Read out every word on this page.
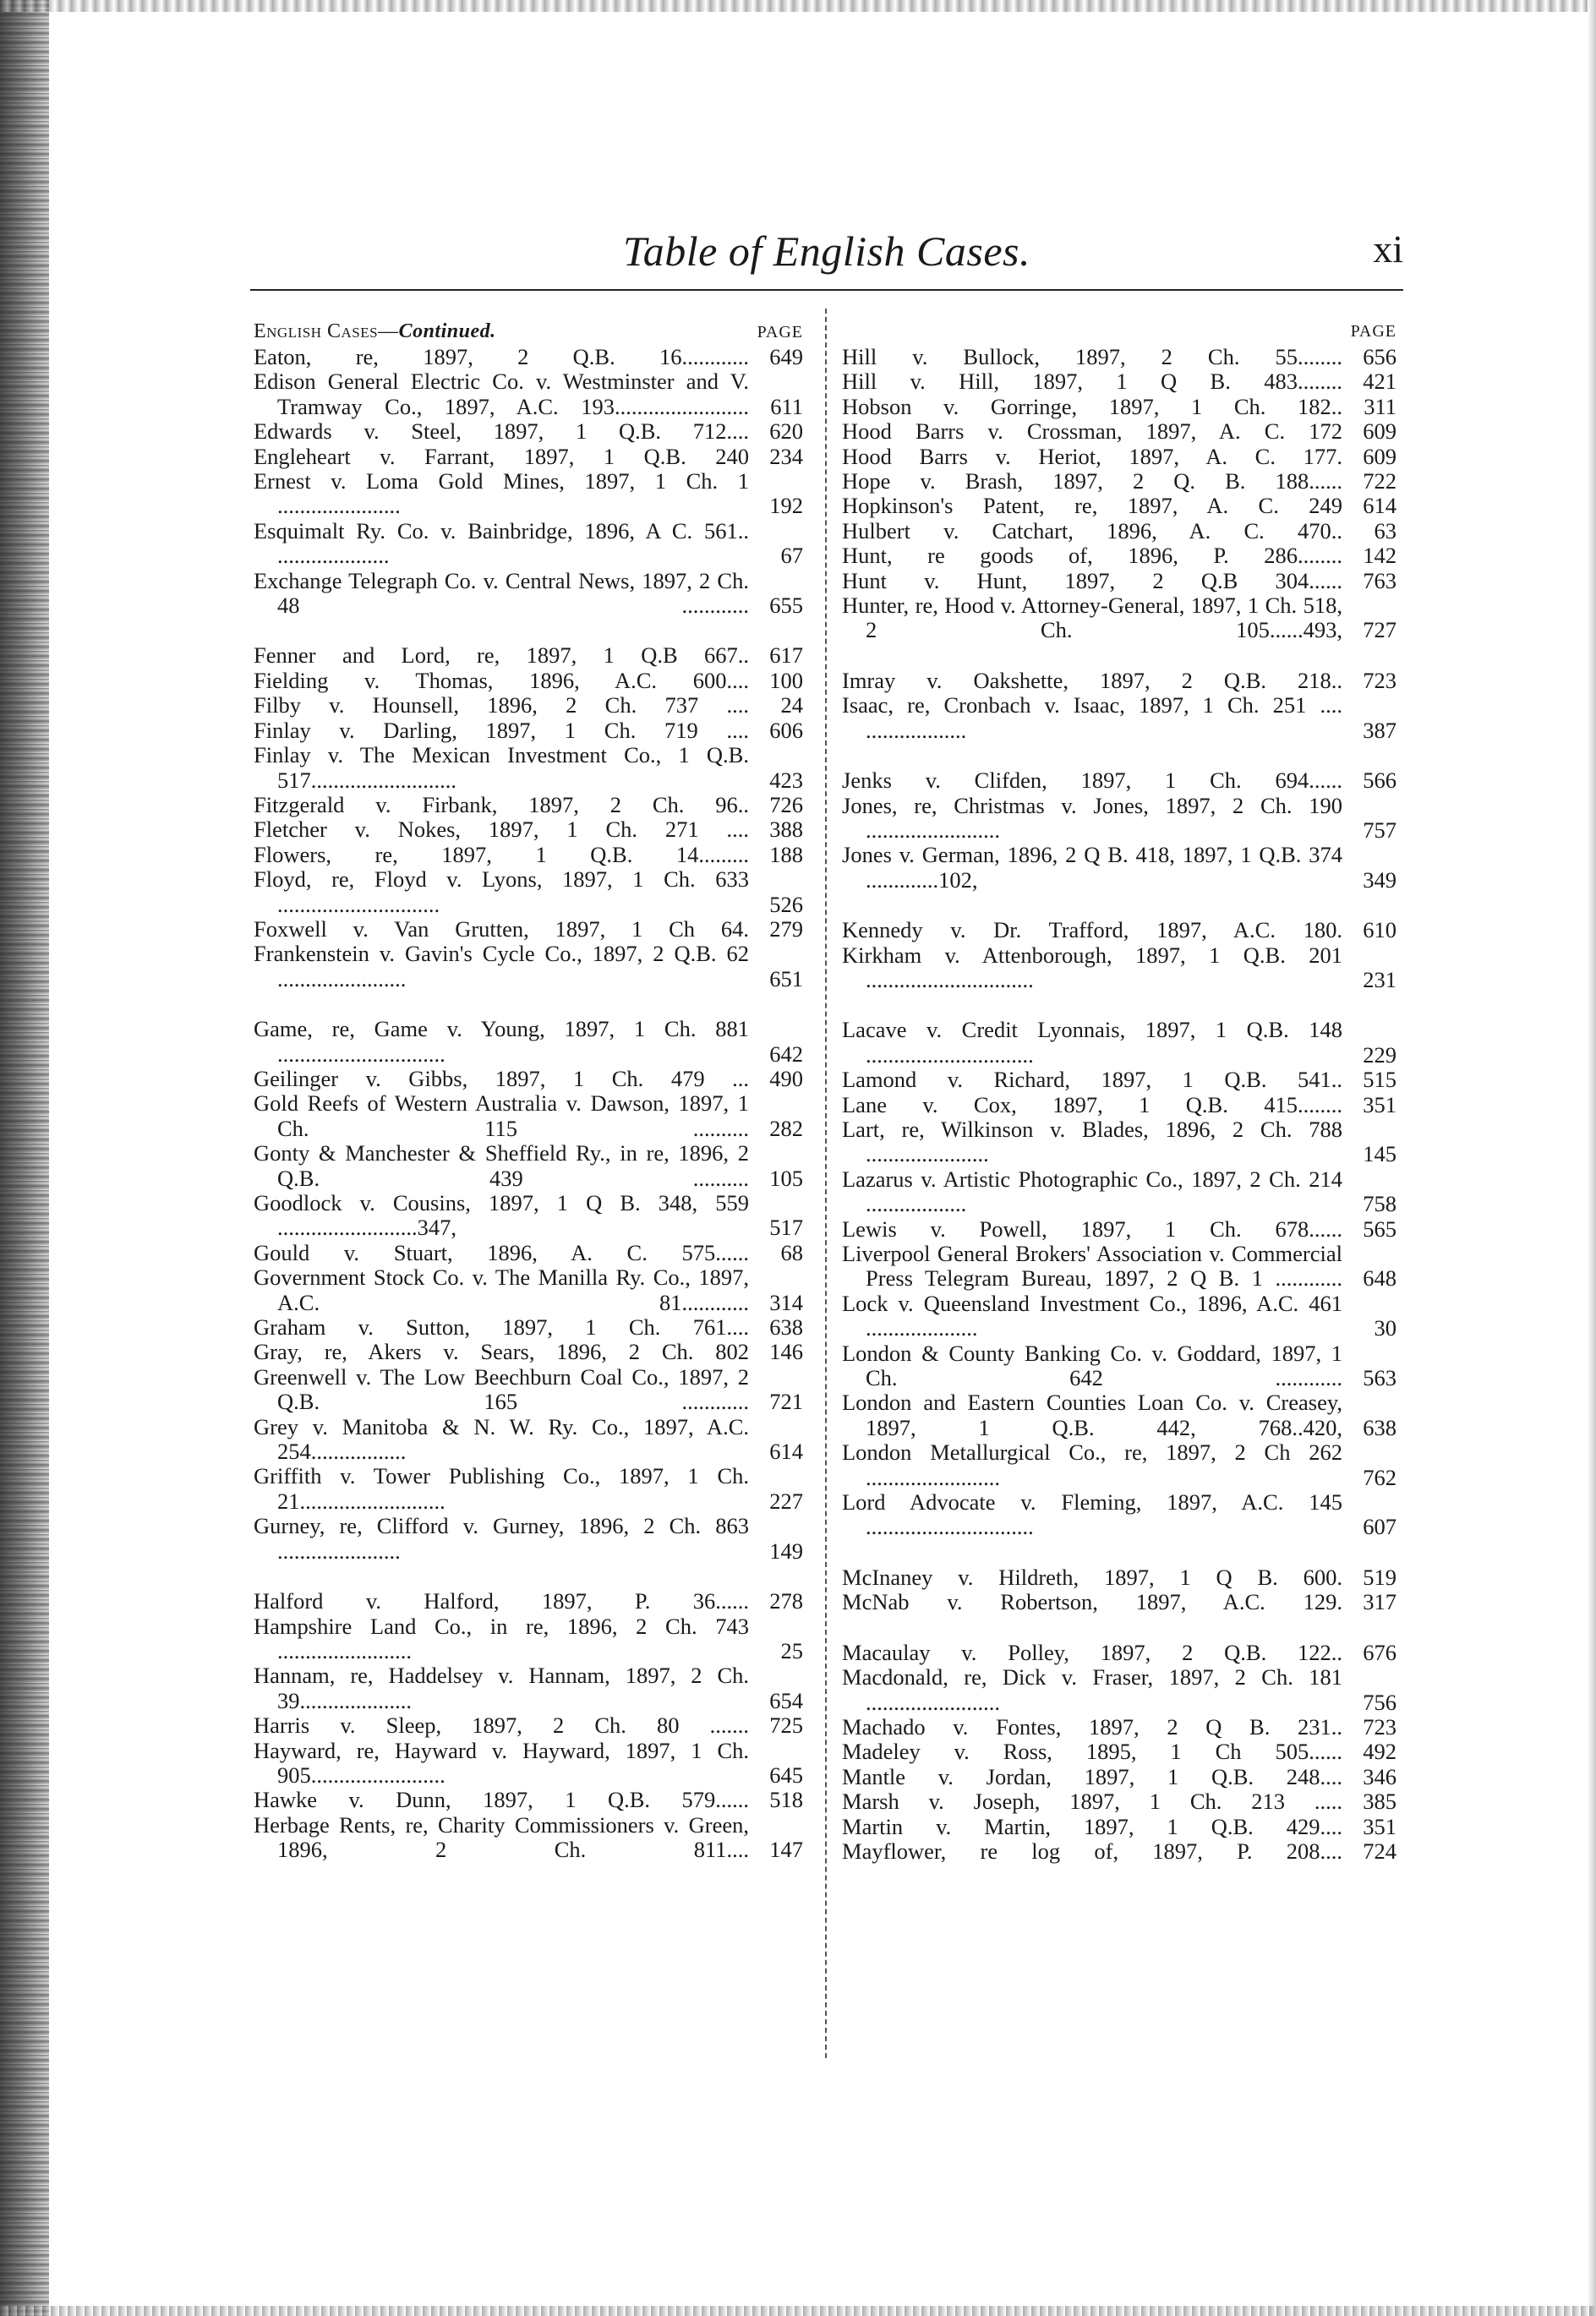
Table of English Cases.	xi
English Cases—Continued.	PAGE
Eaton, re, 1897, 2 Q.B. 16............ 649
Edison General Electric Co. v. Westminster and V. Tramway Co., 1897, A.C. 193........................ 611
Edwards v. Steel, 1897, 1 Q.B. 712.... 620
Engleheart v. Farrant, 1897, 1 Q.B. 240 234
Ernest v. Loma Gold Mines, 1897, 1 Ch. 1 ......................	192
Esquimalt Ry. Co. v. Bainbridge, 1896, A C. 561.. ....................	67
Exchange Telegraph Co. v. Central News, 1897, 2 Ch. 48 ............ 655
Fenner and Lord, re, 1897, 1 Q.B 667.. 617
Fielding v. Thomas, 1896, A.C. 600.... 100
Filby v. Hounsell, 1896, 2 Ch. 737 ....	24
Finlay v. Darling, 1897, 1 Ch. 719 .... 606
Finlay v. The Mexican Investment Co., 1 Q.B. 517..........................	423
Fitzgerald v. Firbank, 1897, 2 Ch. 96.. 726
Fletcher v. Nokes, 1897, 1 Ch. 271 .... 388
Flowers, re, 1897, 1 Q.B. 14......... 188
Floyd, re, Floyd v. Lyons, 1897, 1 Ch. 633 .............................	526
Foxwell v. Van Grutten, 1897, 1 Ch 64. 279
Frankenstein v. Gavin's Cycle Co., 1897, 2 Q.B. 62 .......................	651
Game, re, Game v. Young, 1897, 1 Ch. 881 ..............................	642
Geilinger v. Gibbs, 1897, 1 Ch. 479 ... 490
Gold Reefs of Western Australia v. Dawson, 1897, 1 Ch. 115 .......... 282
Gonty & Manchester & Sheffield Ry., in re, 1896, 2 Q.B. 439 .......... 105
Goodlock v. Cousins, 1897, 1 Q B. 348, 559 .........................347,	517
Gould v. Stuart, 1896, A. C. 575......	68
Government Stock Co. v. The Manilla Ry. Co., 1897, A.C. 81............ 314
Graham v. Sutton, 1897, 1 Ch. 761.... 638
Gray, re, Akers v. Sears, 1896, 2 Ch. 802 146
Greenwell v. The Low Beechburn Coal Co., 1897, 2 Q.B. 165 ............ 721
Grey v. Manitoba & N. W. Ry. Co., 1897, A.C. 254.................	614
Griffith v. Tower Publishing Co., 1897, 1 Ch. 21..........................	227
Gurney, re, Clifford v. Gurney, 1896, 2 Ch. 863 ......................	149
Halford v. Halford, 1897, P. 36...... 278
Hampshire Land Co., in re, 1896, 2 Ch. 743 ........................	25
Hannam, re, Haddelsey v. Hannam, 1897, 2 Ch. 39....................	654
Harris v. Sleep, 1897, 2 Ch. 80 ....... 725
Hayward, re, Hayward v. Hayward, 1897, 1 Ch. 905........................	645
Hawke v. Dunn, 1897, 1 Q.B. 579...... 518
Herbage Rents, re, Charity Commissioners v. Green, 1896, 2 Ch. 811.... 147
PAGE
Hill v. Bullock, 1897, 2 Ch. 55........ 656
Hill v. Hill, 1897, 1 Q B. 483........ 421
Hobson v. Gorringe, 1897, 1 Ch. 182.. 311
Hood Barrs v. Crossman, 1897, A. C. 172 609
Hood Barrs v. Heriot, 1897, A. C. 177. 609
Hope v. Brash, 1897, 2 Q. B. 188...... 722
Hopkinson's Patent, re, 1897, A. C. 249 614
Hulbert v. Catchart, 1896, A. C. 470..	63
Hunt, re goods of, 1896, P. 286........ 142
Hunt v. Hunt, 1897, 2 Q.B 304...... 763
Hunter, re, Hood v. Attorney-General, 1897, 1 Ch. 518, 2 Ch. 105......493, 727
Imray v. Oakshette, 1897, 2 Q.B. 218.. 723
Isaac, re, Cronbach v. Isaac, 1897, 1 Ch. 251 .... ..................	387
Jenks v. Clifden, 1897, 1 Ch. 694...... 566
Jones, re, Christmas v. Jones, 1897, 2 Ch. 190 ........................	757
Jones v. German, 1896, 2 Q B. 418, 1897, 1 Q.B. 374 .............102,	349
Kennedy v. Dr. Trafford, 1897, A.C. 180. 610
Kirkham v. Attenborough, 1897, 1 Q.B. 201 ..............................	231
Lacave v. Credit Lyonnais, 1897, 1 Q.B. 148 ..............................	229
Lamond v. Richard, 1897, 1 Q.B. 541.. 515
Lane v. Cox, 1897, 1 Q.B. 415........ 351
Lart, re, Wilkinson v. Blades, 1896, 2 Ch. 788 ......................	145
Lazarus v. Artistic Photographic Co., 1897, 2 Ch. 214 ..................	758
Lewis v. Powell, 1897, 1 Ch. 678...... 565
Liverpool General Brokers' Association v. Commercial Press Telegram Bureau, 1897, 2 Q B. 1 ............ 648
Lock v. Queensland Investment Co., 1896, A.C. 461 ....................	30
London & County Banking Co. v. Goddard, 1897, 1 Ch. 642 ............ 563
London and Eastern Counties Loan Co. v. Creasey, 1897, 1 Q.B. 442, 768..420, 638
London Metallurgical Co., re, 1897, 2 Ch 262 ........................	762
Lord Advocate v. Fleming, 1897, A.C. 145 ..............................	607
McInaney v. Hildreth, 1897, 1 Q B. 600. 519
McNab v. Robertson, 1897, A.C. 129. 317
Macaulay v. Polley, 1897, 2 Q.B. 122.. 676
Macdonald, re, Dick v. Fraser, 1897, 2 Ch. 181 ........................	756
Machado v. Fontes, 1897, 2 Q B. 231.. 723
Madeley v. Ross, 1895, 1 Ch 505...... 492
Mantle v. Jordan, 1897, 1 Q.B. 248.... 346
Marsh v. Joseph, 1897, 1 Ch. 213 ..... 385
Martin v. Martin, 1897, 1 Q.B. 429.... 351
Mayflower, re log of, 1897, P. 208.... 724
